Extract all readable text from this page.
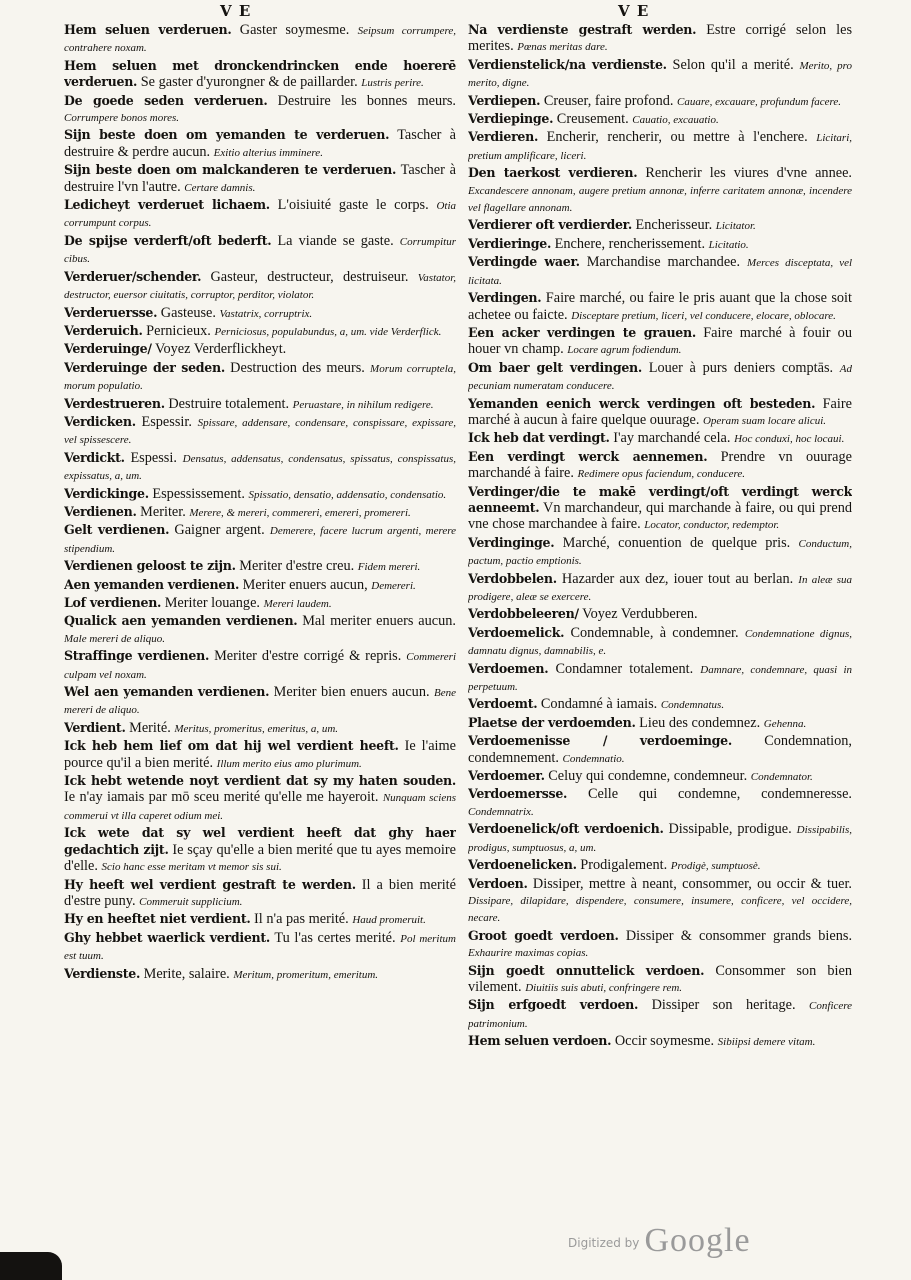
V E	V E
Hem seluen verderuen. Gaster soymesme. Seipsum corrumpere, contrahere noxam.
Hem seluen met dronckendrincken ende hoererē verderuen. Se gaster d'yurongner & de paillarder. Lustris perire.
De goede seden verderuen. Destruire les bonnes meurs. Corrumpere bonos mores.
Sijn beste doen om yemanden te verderuen. Tascher à destruire & perdre aucun. Exitio alterius imminere.
Sijn beste doen om malckanderen te verderuen. Tascher à destruire l'vn l'autre. Certare damnis.
Ledicheyt verderuet lichaem. L'oisiuité gaste le corps. Otia corrumpunt corpus.
De spijse verderft/oft bederft. La viande se gaste. Corrumpitur cibus.
Verderuer/schender. Gasteur, destructeur, destruiseur. Vastator, destructor, euersor ciuitatis, corruptor, perditor, violator.
Verderuersse. Gasteuse. Vastatrix, corruptrix.
Verderuich. Pernicieux. Perniciosus, populabundus, a, um. vide Verderflick.
Verderuinge/ Voyez Verderflickheyt.
Verderuinge der seden. Destruction des meurs. Morum corruptela, morum populatio.
Verdestrueren. Destruire totalement. Peruastare, in nihilum redigere.
Verdicken. Espessir. Spissare, addensare, condensare, conspissare, expissare, vel spissescere.
Verdickt. Espessi. Densatus, addensatus, condensatus, spissatus, conspissatus, expissatus, a, um.
Verdickinge. Espessissement. Spissatio, densatio, addensatio, condensatio.
Verdienen. Meriter. Merere, & mereri, commereri, emereri, promereri.
Gelt verdienen. Gaigner argent. Demerere, facere lucrum argenti, merere stipendium.
Verdienen geloost te zijn. Meriter d'estre creu. Fidem mereri.
Aen yemanden verdienen. Meriter enuers aucun, Demereri.
Lof verdienen. Meriter louange. Mereri laudem.
Qualick aen yemanden verdienen. Mal meriter enuers aucun. Male mereri de aliquo.
Straffinge verdienen. Meriter d'estre corrigé & repris. Commereri culpam vel noxam.
Wel aen yemanden verdienen. Meriter bien enuers aucun. Bene mereri de aliquo.
Verdient. Merité. Meritus, promeritus, emeritus, a, um.
Ick heb hem lief om dat hij wel verdient heeft. Ie l'aime pource qu'il a bien merité. Illum merito eius amo plurimum.
Ick hebt wetende noyt verdient dat sy my haten souden. Ie n'ay iamais par mō sceu merité qu'elle me hayeroit. Nunquam sciens commerui vt illa caperet odium mei.
Ick wete dat sy wel verdient heeft dat ghy haer gedachtich zijt. Ie sçay qu'elle a bien merité que tu ayes memoire d'elle. Scio hanc esse meritam vt memor sis sui.
Hy heeft wel verdient gestraft te werden. Il a bien merité d'estre puny. Commeruit supplicium.
Hy en heeftet niet verdient. Il n'a pas merité. Haud promeruit.
Ghy hebbet waerlick verdient. Tu l'as certes merité. Pol meritum est tuum.
Verdienste. Merite, salaire. Meritum, promeritum, emeritum.
Na verdienste gestraft werden. Estre corrigé selon les merites. Pœnas meritas dare.
Verdienstelick/na verdienste. Selon qu'il a merité. Merito, pro merito, digne.
Verdiepen. Creuser, faire profond. Cauare, excauare, profundum facere.
Verdiepinge. Creusement. Cauatio, excauatio.
Verdieren. Encherir, rencherir, ou mettre à l'enchere. Licitari, pretium amplificare, liceri.
Den taerkost verdieren. Rencherir les viures d'vne annee. Excandescere annonam, augere pretium annonæ, inferre caritatem annonæ, incendere vel flagellare annonam.
Verdierer oft verdierder. Encherisseur. Licitator.
Verdieringe. Enchere, rencherissement. Licitatio.
Verdingde waer. Marchandise marchandee. Merces disceptata, vel licitata.
Verdingen. Faire marché, ou faire le pris auant que la chose soit achetee ou faicte. Disceptare pretium, liceri, vel conducere, elocare, oblocare.
Een acker verdingen te grauen. Faire marché à fouir ou houer vn champ. Locare agrum fodiendum.
Om baer gelt verdingen. Louer à purs deniers comptās. Ad pecuniam numeratam conducere.
Yemanden eenich werck verdingen oft besteden. Faire marché à aucun à faire quelque ouurage. Operam suam locare alicui.
Ick heb dat verdingt. I'ay marchandé cela. Hoc conduxi, hoc locaui.
Een verdingt werck aennemen. Prendre vn ouurage marchandé à faire. Redimere opus faciendum, conducere.
Verdinger/die te makē verdingt/oft verdingt werck aenneemt. Vn marchandeur, qui marchande à faire, ou qui prend vne chose marchandee à faire. Locator, conductor, redemptor.
Verdinginge. Marché, conuention de quelque pris. Conductum, pactum, pactio emptionis.
Verdobbelen. Hazarder aux dez, iouer tout au berlan. In aleæ sua prodigere, aleæ se exercere.
Verdobbeleeren/ Voyez Verdubberen.
Verdoemelick. Condemnable, à condemner. Condemnatione dignus, damnatu dignus, damnabilis, e.
Verdoemen. Condamner totalement. Damnare, condemnare, quasi in perpetuum.
Verdoemt. Condamné à iamais. Condemnatus.
Plaetse der verdoemden. Lieu des condemnez. Gehenna.
Verdoemenisse / verdoeminge. Condemnation, condemnement. Condemnatio.
Verdoemer. Celuy qui condemne, condemneur. Condemnator.
Verdoemersse. Celle qui condemne, condemneresse. Condemnatrix.
Verdoenelick/oft verdoenich. Dissipable, prodigue. Dissipabilis, prodigus, sumptuosus, a, um.
Verdoenelicken. Prodigalement. Prodigè, sumptuosè.
Verdoen. Dissiper, mettre à neant, consommer, ou occir & tuer. Dissipare, dilapidare, dispendere, consumere, insumere, conficere, vel occidere, necare.
Groot goedt verdoen. Dissiper & consommer grands biens. Exhaurire maximas copias.
Sijn goedt onnuttelick verdoen. Consommer son bien vilement. Diuitiis suis abuti, confringere rem.
Sijn erfgoedt verdoen. Dissiper son heritage. Conficere patrimonium.
Hem seluen verdoen. Occir soymesme. Sibiipsi demere vitam.
$^{Digitized by}$ Google
